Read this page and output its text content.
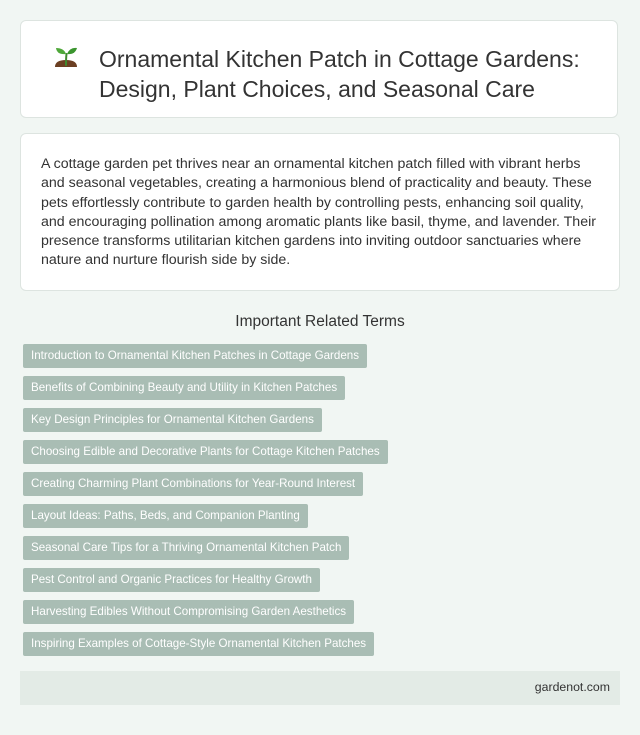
Ornamental Kitchen Patch in Cottage Gardens: Design, Plant Choices, and Seasonal Care

A cottage garden pet thrives near an ornamental kitchen patch filled with vibrant herbs and seasonal vegetables, creating a harmonious blend of practicality and beauty. These pets effortlessly contribute to garden health by controlling pests, enhancing soil quality, and encouraging pollination among aromatic plants like basil, thyme, and lavender. Their presence transforms utilitarian kitchen gardens into inviting outdoor sanctuaries where nature and nurture flourish side by side.

Important Related Terms
Introduction to Ornamental Kitchen Patches in Cottage Gardens
Benefits of Combining Beauty and Utility in Kitchen Patches
Key Design Principles for Ornamental Kitchen Gardens
Choosing Edible and Decorative Plants for Cottage Kitchen Patches
Creating Charming Plant Combinations for Year-Round Interest
Layout Ideas: Paths, Beds, and Companion Planting
Seasonal Care Tips for a Thriving Ornamental Kitchen Patch
Pest Control and Organic Practices for Healthy Growth
Harvesting Edibles Without Compromising Garden Aesthetics
Inspiring Examples of Cottage-Style Ornamental Kitchen Patches
gardenot.com
